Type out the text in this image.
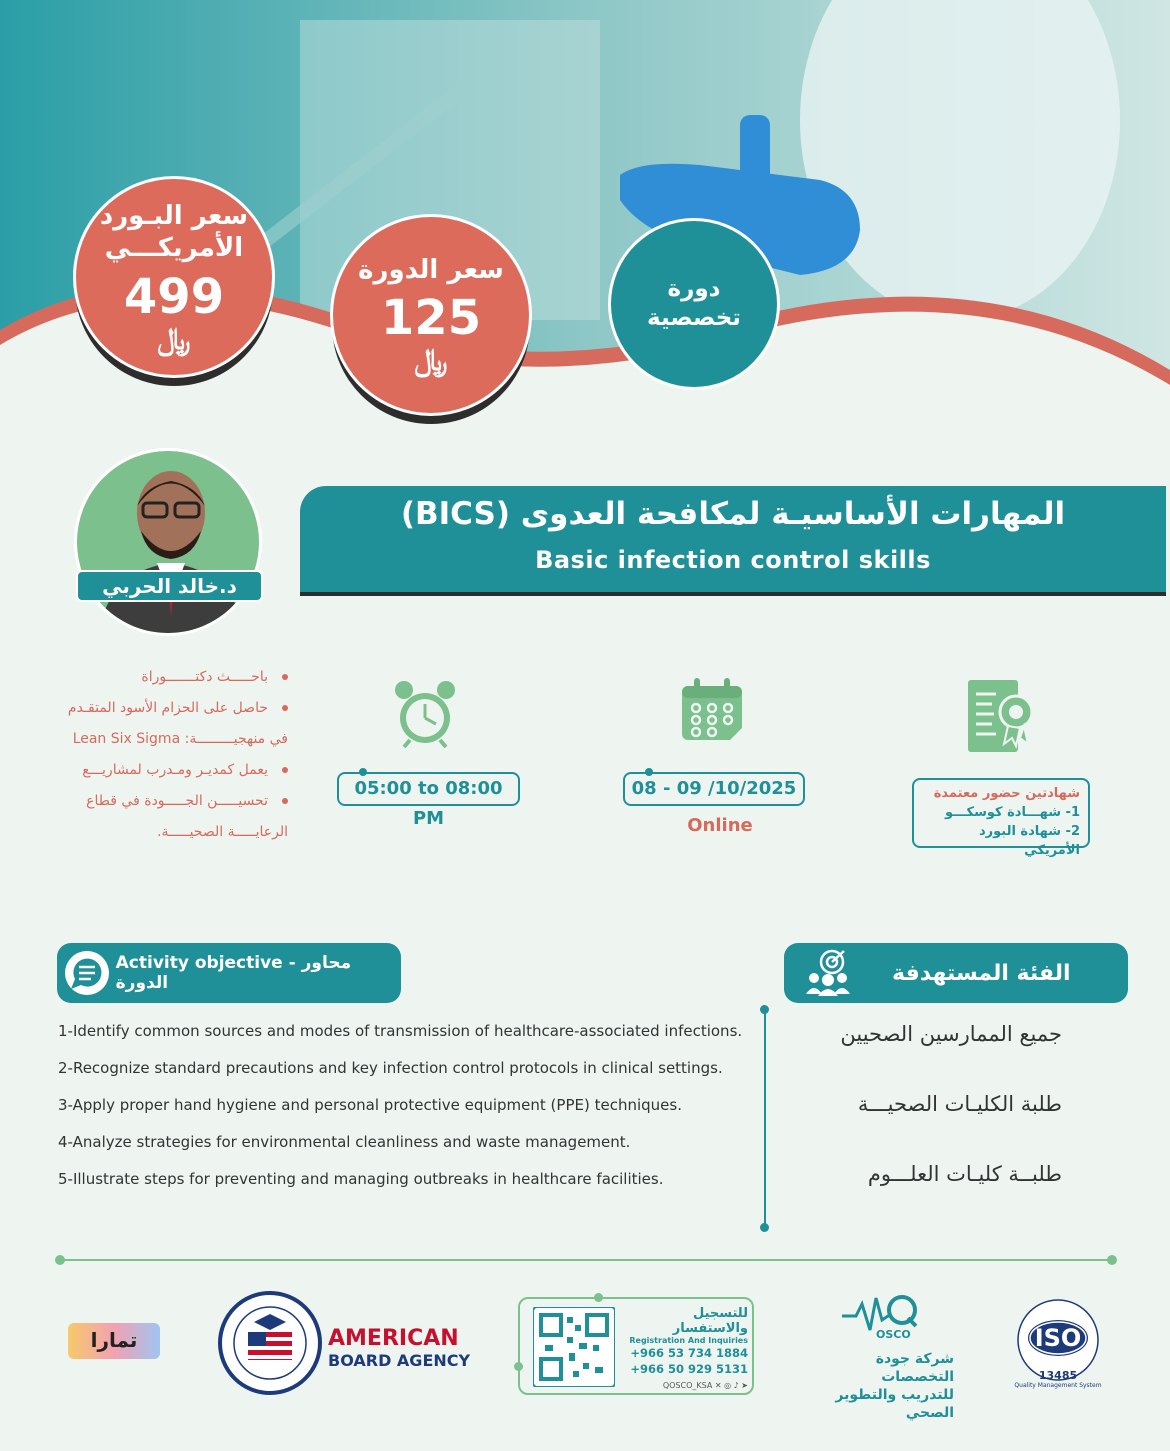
سعر البـورد الأمريكـــي
499
﷼
سعر الدورة
125
﷼
دورة تخصصية
د.خالد الحربي
المهارات الأساسيـة لمكافحة العدوى (BICS)
Basic infection control skills
باحـــــث دكتـــــــوراة
حاصل على الحزام الأسود المتقـدم
في منهجيـــــــــة: Lean Six Sigma
يعمل كمديـر ومـدرب لمشاريـــع
تحسيـــــن الجـــــودة في قطاع
الرعايـــــة الصحيـــــة.
05:00 to 08:00 PM
08 - 09 /10/2025
Online
شهادتين حضور معتمدة
1- شهـــادة كوسكـــو
2- شهادة البورد الأمريكي
Activity objective - محاور الدورة
1-Identify common sources and modes of transmission of healthcare-associated infections.
2-Recognize standard precautions and key infection control protocols in clinical settings.
3-Apply proper hand hygiene and personal protective equipment (PPE) techniques.
4-Analyze strategies for environmental cleanliness and waste management.
5-Illustrate steps for preventing and managing outbreaks in healthcare facilities.
الفئة المستهدفة
جميع الممارسين الصحيين
طلبة الكليـات الصحيـــة
طلبــة كليـات العلـــوم
تمارا	AMERICAN
BOARD AGENCY
للتسجيل والاستفسار
Registration And Inquiries
+966 53 734 1884
+966 50 929 5131
QOSCO_KSA ✕ ◎ ♪ ➤
OSCO
شركة جودة التخصصات
للتدريب والتطوير الصحي
ISO
13485
Quality Management System
